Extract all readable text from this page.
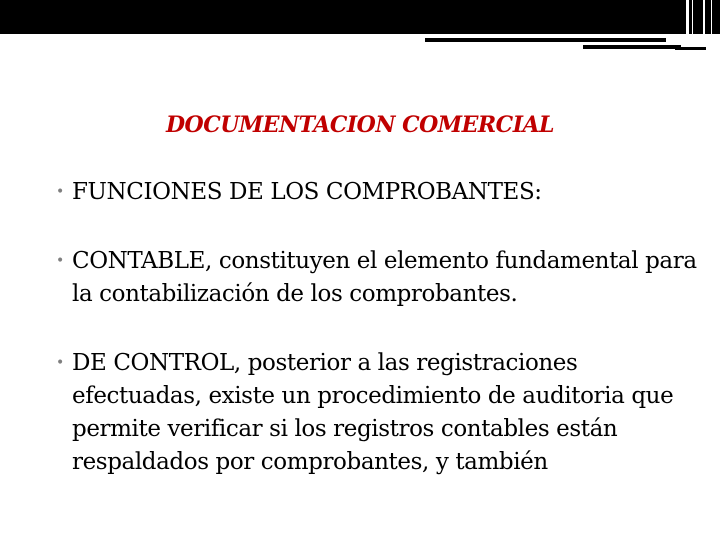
DOCUMENTACION COMERCIAL
• FUNCIONES DE LOS COMPROBANTES:
• CONTABLE, constituyen el elemento fundamental para la contabilización de los comprobantes.
• DE CONTROL, posterior a las registraciones efectuadas, existe un procedimiento de auditoria que permite verificar si los registros contables están respaldados por comprobantes, y también
